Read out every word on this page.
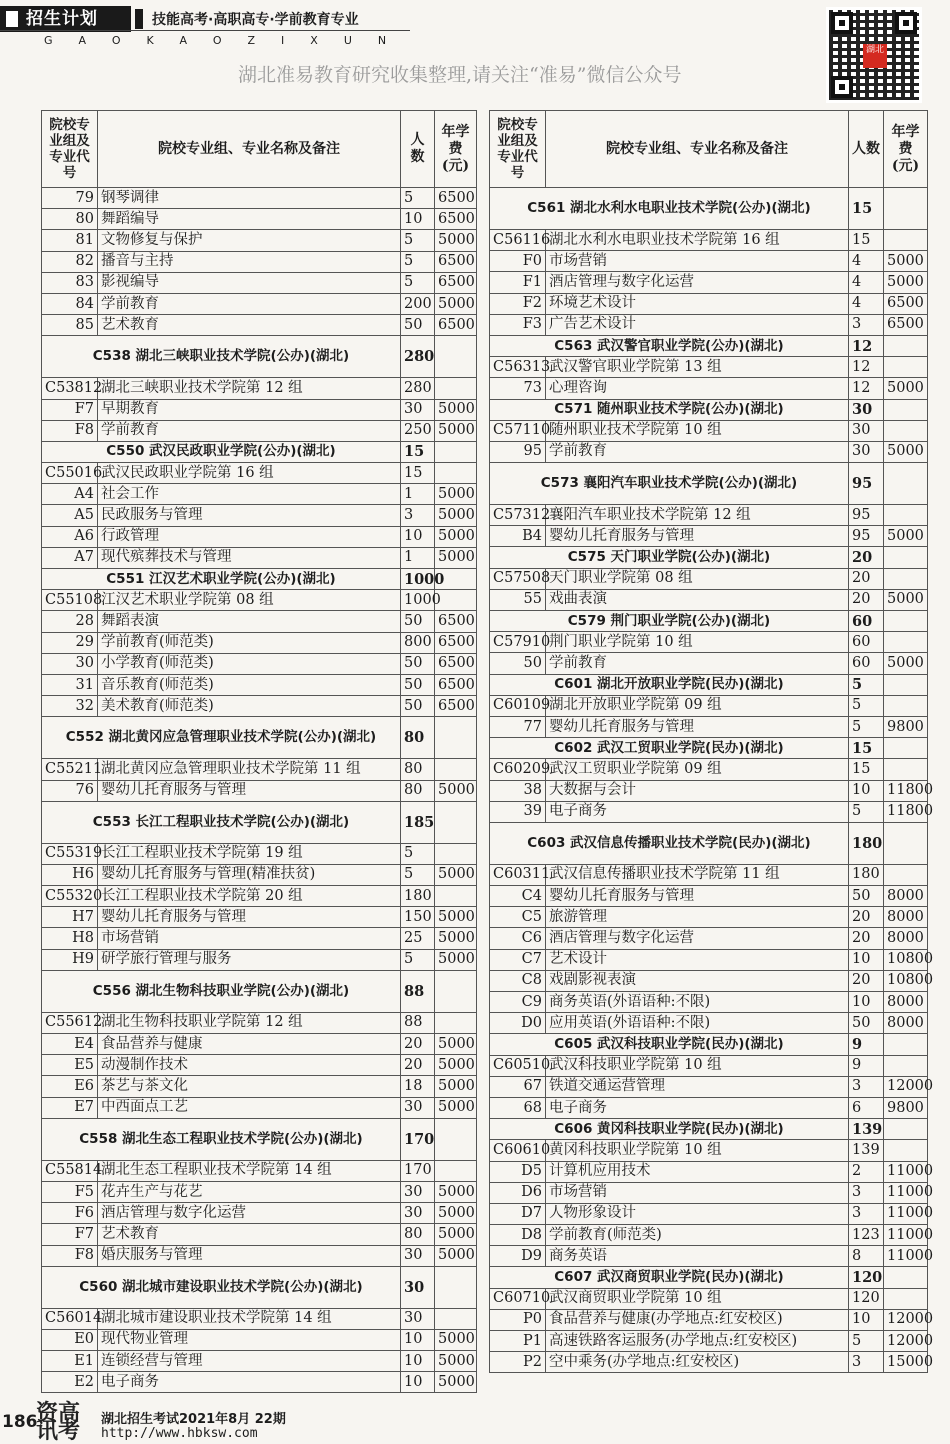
招生计划	技能高考·高职高专·学前教育专业
GAOKAOZIXUN
湖北准易教育研究收集整理,请关注“准易”微信公众号
湖北
院校专业组及专业代号	院校专业组、专业名称及备注	人数	年学费(元)
79	钢琴调律	5	6500
80	舞蹈编导	10	6500
81	文物修复与保护	5	5000
82	播音与主持	5	6500
83	影视编导	5	6500
84	学前教育	200	5000
85	艺术教育	50	6500
C538 湖北三峡职业技术学院(公办)(湖北)		280	
C53812	湖北三峡职业技术学院第 12 组	280	
F7	早期教育	30	5000
F8	学前教育	250	5000
C550 武汉民政职业学院(公办)(湖北)		15	
C55016	武汉民政职业学院第 16 组	15	
A4	社会工作	1	5000
A5	民政服务与管理	3	5000
A6	行政管理	10	5000
A7	现代殡葬技术与管理	1	5000
C551 江汉艺术职业学院(公办)(湖北)		1000	
C55108	江汉艺术职业学院第 08 组	1000	
28	舞蹈表演	50	6500
29	学前教育(师范类)	800	6500
30	小学教育(师范类)	50	6500
31	音乐教育(师范类)	50	6500
32	美术教育(师范类)	50	6500
C552 湖北黄冈应急管理职业技术学院(公办)(湖北)		80	
C55211	湖北黄冈应急管理职业技术学院第 11 组	80	
76	婴幼儿托育服务与管理	80	5000
C553 长江工程职业技术学院(公办)(湖北)		185	
C55319	长江工程职业技术学院第 19 组	5	
H6	婴幼儿托育服务与管理(精准扶贫)	5	5000
C55320	长江工程职业技术学院第 20 组	180	
H7	婴幼儿托育服务与管理	150	5000
H8	市场营销	25	5000
H9	研学旅行管理与服务	5	5000
C556 湖北生物科技职业学院(公办)(湖北)		88	
C55612	湖北生物科技职业学院第 12 组	88	
E4	食品营养与健康	20	5000
E5	动漫制作技术	20	5000
E6	茶艺与茶文化	18	5000
E7	中西面点工艺	30	5000
C558 湖北生态工程职业技术学院(公办)(湖北)		170	
C55814	湖北生态工程职业技术学院第 14 组	170	
F5	花卉生产与花艺	30	5000
F6	酒店管理与数字化运营	30	5000
F7	艺术教育	80	5000
F8	婚庆服务与管理	30	5000
C560 湖北城市建设职业技术学院(公办)(湖北)		30	
C56014	湖北城市建设职业技术学院第 14 组	30	
E0	现代物业管理	10	5000
E1	连锁经营与管理	10	5000
E2	电子商务	10	5000
院校专业组及专业代号	院校专业组、专业名称及备注	人数	年学费(元)
C561 湖北水利水电职业技术学院(公办)(湖北)		15	
C56116	湖北水利水电职业技术学院第 16 组	15	
F0	市场营销	4	5000
F1	酒店管理与数字化运营	4	5000
F2	环境艺术设计	4	6500
F3	广告艺术设计	3	6500
C563 武汉警官职业学院(公办)(湖北)		12	
C56313	武汉警官职业学院第 13 组	12	
73	心理咨询	12	5000
C571 随州职业技术学院(公办)(湖北)		30	
C57110	随州职业技术学院第 10 组	30	
95	学前教育	30	5000
C573 襄阳汽车职业技术学院(公办)(湖北)		95	
C57312	襄阳汽车职业技术学院第 12 组	95	
B4	婴幼儿托育服务与管理	95	5000
C575 天门职业学院(公办)(湖北)		20	
C57508	天门职业学院第 08 组	20	
55	戏曲表演	20	5000
C579 荆门职业学院(公办)(湖北)		60	
C57910	荆门职业学院第 10 组	60	
50	学前教育	60	5000
C601 湖北开放职业学院(民办)(湖北)		5	
C60109	湖北开放职业学院第 09 组	5	
77	婴幼儿托育服务与管理	5	9800
C602 武汉工贸职业学院(民办)(湖北)		15	
C60209	武汉工贸职业学院第 09 组	15	
38	大数据与会计	10	11800
39	电子商务	5	11800
C603 武汉信息传播职业技术学院(民办)(湖北)		180	
C60311	武汉信息传播职业技术学院第 11 组	180	
C4	婴幼儿托育服务与管理	50	8000
C5	旅游管理	20	8000
C6	酒店管理与数字化运营	20	8000
C7	艺术设计	10	10800
C8	戏剧影视表演	20	10800
C9	商务英语(外语语种:不限)	10	8000
D0	应用英语(外语语种:不限)	50	8000
C605 武汉科技职业学院(民办)(湖北)		9	
C60510	武汉科技职业学院第 10 组	9	
67	铁道交通运营管理	3	12000
68	电子商务	6	9800
C606 黄冈科技职业学院(民办)(湖北)		139	
C60610	黄冈科技职业学院第 10 组	139	
D5	计算机应用技术	2	11000
D6	市场营销	3	11000
D7	人物形象设计	3	11000
D8	学前教育(师范类)	123	11000
D9	商务英语	8	11000
C607 武汉商贸职业学院(民办)(湖北)		120	
C60710	武汉商贸职业学院第 10 组	120	
P0	食品营养与健康(办学地点:红安校区)	10	12000
P1	高速铁路客运服务(办学地点:红安校区)	5	12000
P2	空中乘务(办学地点:红安校区)	3	15000
186
资高讯考	湖北招生考试2021年8月 22期
http://www.hbksw.com
